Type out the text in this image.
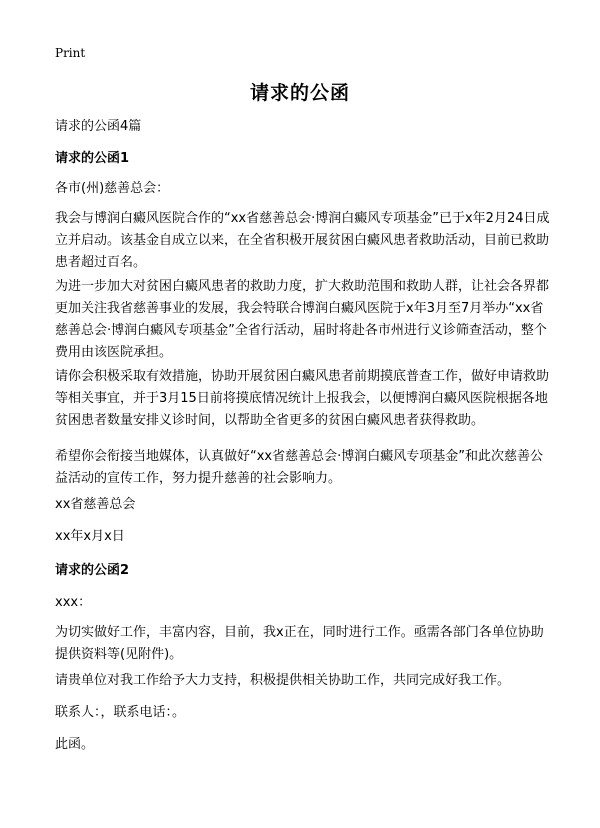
Print
请求的公函
请求的公函4篇
请求的公函1
各市(州)慈善总会：
我会与博润白癜风医院合作的“xx省慈善总会·博润白癜风专项基金”已于x年2月24日成立并启动。该基金自成立以来，在全省积极开展贫困白癜风患者救助活动，目前已救助患者超过百名。
为进一步加大对贫困白癜风患者的救助力度，扩大救助范围和救助人群，让社会各界都更加关注我省慈善事业的发展，我会特联合博润白癜风医院于x年3月至7月举办“xx省慈善总会·博润白癜风专项基金”全省行活动，届时将赴各市州进行义诊筛查活动，整个费用由该医院承担。
请你会积极采取有效措施，协助开展贫困白癜风患者前期摸底普查工作，做好申请救助等相关事宜，并于3月15日前将摸底情况统计上报我会，以便博润白癜风医院根据各地贫困患者数量安排义诊时间，以帮助全省更多的贫困白癜风患者获得救助。
希望你会衔接当地媒体，认真做好“xx省慈善总会·博润白癜风专项基金”和此次慈善公益活动的宣传工作，努力提升慈善的社会影响力。
xx省慈善总会
xx年x月x日
请求的公函2
xxx：
为切实做好工作，丰富内容，目前，我x正在，同时进行工作。亟需各部门各单位协助提供资料等(见附件)。
请贵单位对我工作给予大力支持，积极提供相关协助工作，共同完成好我工作。
联系人：，联系电话：。
此函。
